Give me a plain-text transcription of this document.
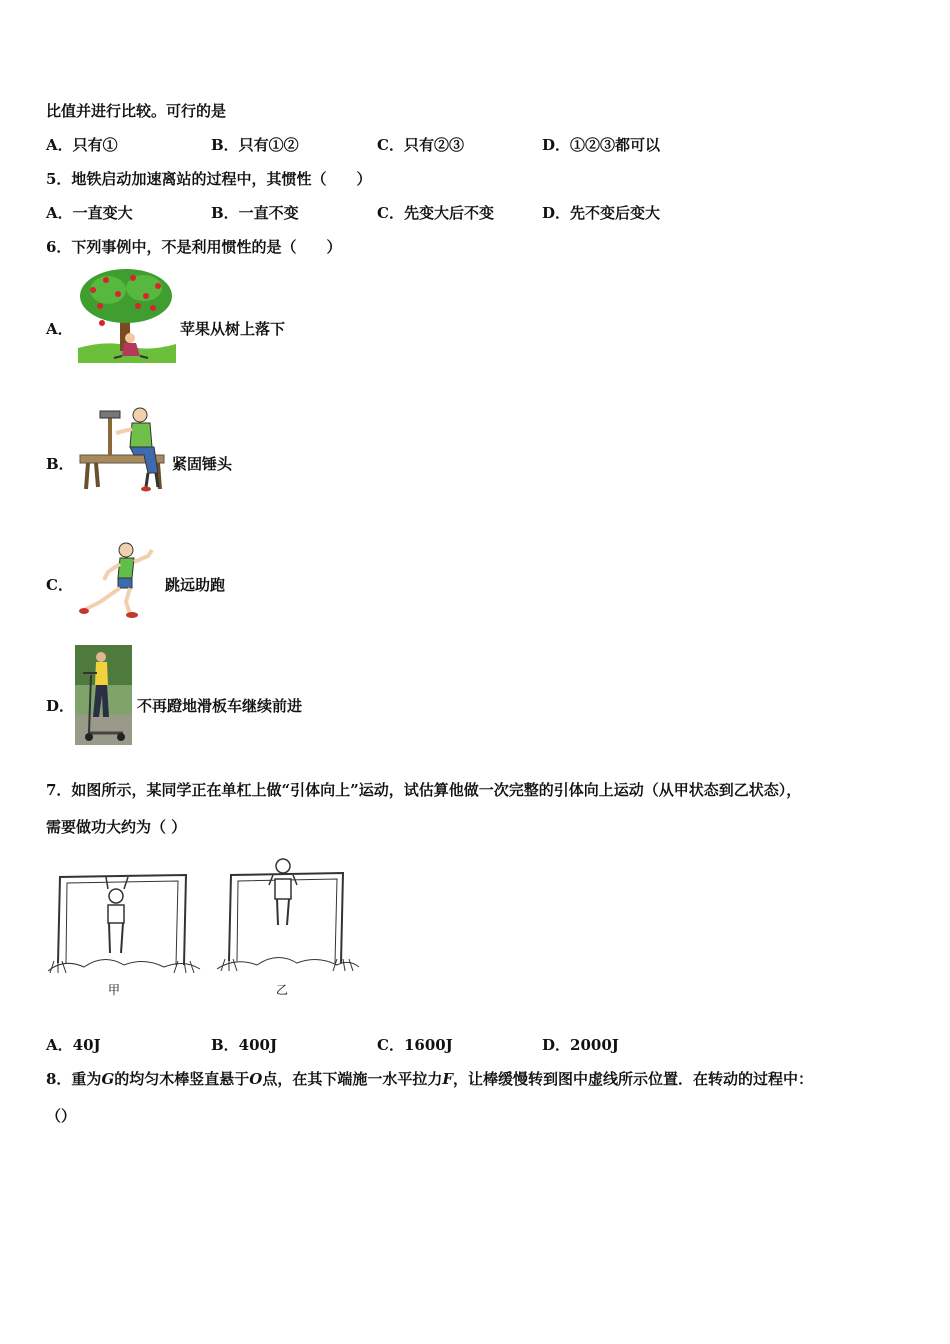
比值并进行比较。可行的是
A．只有①	B．只有①②	C．只有②③	D．①②③都可以
5．地铁启动加速离站的过程中，其惯性（　　）
A．一直变大	B．一直不变	C．先变大后不变	D．先不变后变大
6．下列事例中，不是利用惯性的是（　　）
A．	苹果从树上落下
B．	紧固锤头
C．	跳远助跑
D．	不再蹬地滑板车继续前进
7．如图所示，某同学正在单杠上做“引体向上”运动，试估算他做一次完整的引体向上运动（从甲状态到乙状态），
需要做功大约为（ ）
甲	乙
A．40J	B．400J	C．1600J	D．2000J
8．重为G的均匀木棒竖直悬于O点，在其下端施一水平拉力F，让棒缓慢转到图中虚线所示位置．在转动的过程中：
（）
